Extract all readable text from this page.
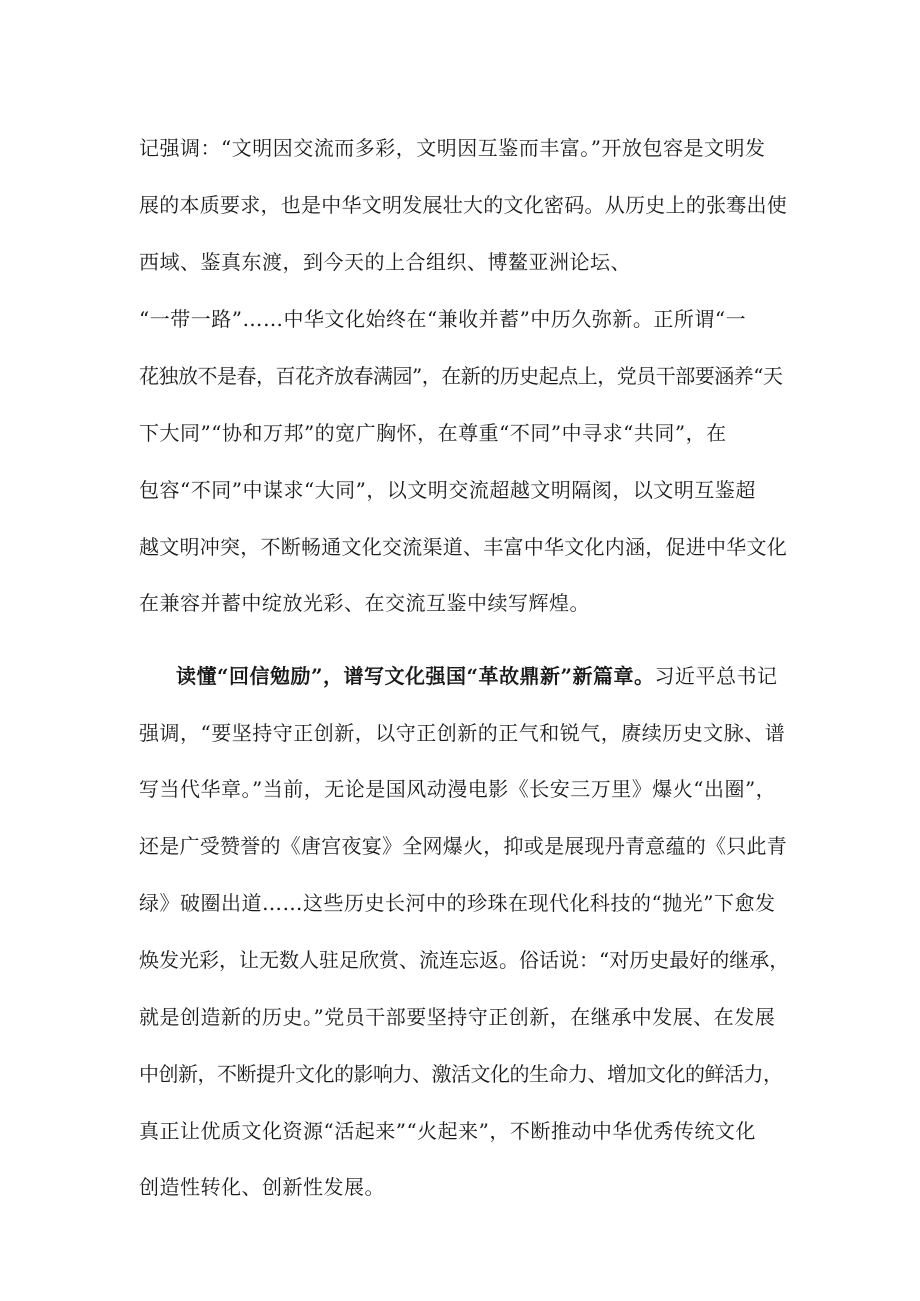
记强调：“文明因交流而多彩，文明因互鉴而丰富。”开放包容是文明发
展的本质要求，也是中华文明发展壮大的文化密码。从历史上的张骞出使
西域、鉴真东渡，到今天的上合组织、博鳌亚洲论坛、
“一带一路”……中华文化始终在“兼收并蓄”中历久弥新。正所谓“一
花独放不是春，百花齐放春满园”，在新的历史起点上，党员干部要涵养“天
下大同”“协和万邦”的宽广胸怀，在尊重“不同”中寻求“共同”，在
包容“不同”中谋求“大同”，以文明交流超越文明隔阂，以文明互鉴超
越文明冲突，不断畅通文化交流渠道、丰富中华文化内涵，促进中华文化
在兼容并蓄中绽放光彩、在交流互鉴中续写辉煌。
读懂“回信勉励”，谱写文化强国“革故鼎新”新篇章。习近平总书记
强调，“要坚持守正创新，以守正创新的正气和锐气，赓续历史文脉、谱
写当代华章。”当前，无论是国风动漫电影《长安三万里》爆火“出圈”，
还是广受赞誉的《唐宫夜宴》全网爆火，抑或是展现丹青意蕴的《只此青
绿》破圈出道……这些历史长河中的珍珠在现代化科技的“抛光”下愈发
焕发光彩，让无数人驻足欣赏、流连忘返。俗话说：“对历史最好的继承，
就是创造新的历史。”党员干部要坚持守正创新，在继承中发展、在发展
中创新，不断提升文化的影响力、激活文化的生命力、增加文化的鲜活力，
真正让优质文化资源“活起来”“火起来”，不断推动中华优秀传统文化
创造性转化、创新性发展。
